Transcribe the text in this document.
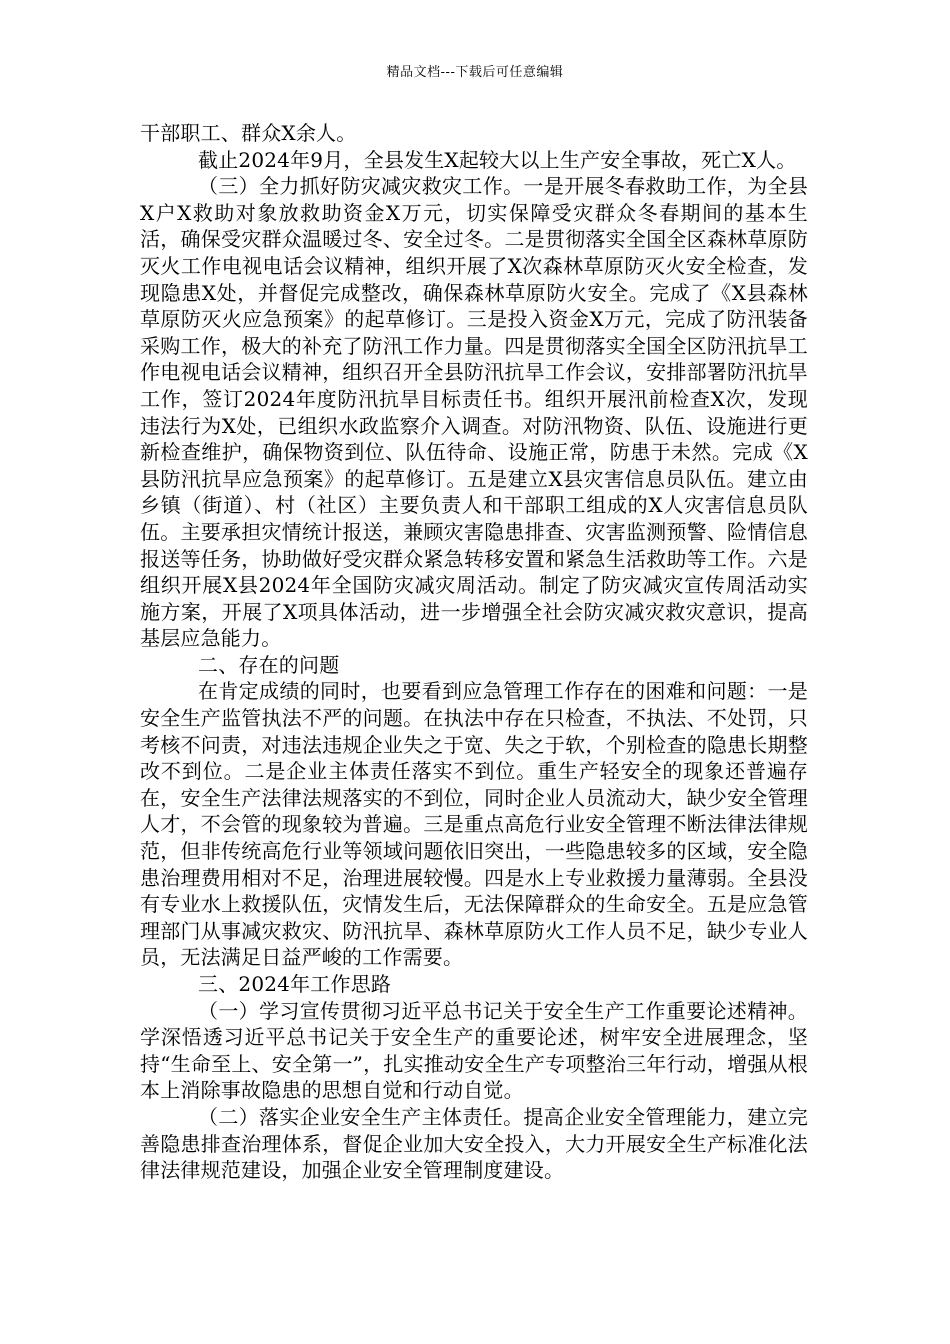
精品文档---下载后可任意编辑

干部职工、群众X余人。

截止2024年9月，全县发生X起较大以上生产安全事故，死亡X人。

（三）全力抓好防灾减灾救灾工作。一是开展冬春救助工作，为全县X户X救助对象放救助资金X万元，切实保障受灾群众冬春期间的基本生活，确保受灾群众温暖过冬、安全过冬。二是贯彻落实全国全区森林草原防灭火工作电视电话会议精神，组织开展了X次森林草原防灭火安全检查，发现隐患X处，并督促完成整改，确保森林草原防火安全。完成了《X县森林草原防灭火应急预案》的起草修订。三是投入资金X万元，完成了防汛装备采购工作，极大的补充了防汛工作力量。四是贯彻落实全国全区防汛抗旱工作电视电话会议精神，组织召开全县防汛抗旱工作会议，安排部署防汛抗旱工作，签订2024年度防汛抗旱目标责任书。组织开展汛前检查X次，发现违法行为X处，已组织水政监察介入调查。对防汛物资、队伍、设施进行更新检查维护，确保物资到位、队伍待命、设施正常，防患于未然。完成《X县防汛抗旱应急预案》的起草修订。五是建立X县灾害信息员队伍。建立由乡镇（街道）、村（社区）主要负责人和干部职工组成的X人灾害信息员队伍。主要承担灾情统计报送，兼顾灾害隐患排查、灾害监测预警、险情信息报送等任务，协助做好受灾群众紧急转移安置和紧急生活救助等工作。六是组织开展X县2024年全国防灾减灾周活动。制定了防灾减灾宣传周活动实施方案，开展了X项具体活动，进一步增强全社会防灾减灾救灾意识，提高基层应急能力。

二、存在的问题

在肯定成绩的同时，也要看到应急管理工作存在的困难和问题：一是安全生产监管执法不严的问题。在执法中存在只检查，不执法、不处罚，只考核不问责，对违法违规企业失之于宽、失之于软，个别检查的隐患长期整改不到位。二是企业主体责任落实不到位。重生产轻安全的现象还普遍存在，安全生产法律法规落实的不到位，同时企业人员流动大，缺少安全管理人才，不会管的现象较为普遍。三是重点高危行业安全管理不断法律法律规范，但非传统高危行业等领域问题依旧突出，一些隐患较多的区域，安全隐患治理费用相对不足，治理进展较慢。四是水上专业救援力量薄弱。全县没有专业水上救援队伍，灾情发生后，无法保障群众的生命安全。五是应急管理部门从事减灾救灾、防汛抗旱、森林草原防火工作人员不足，缺少专业人员，无法满足日益严峻的工作需要。

三、2024年工作思路

（一）学习宣传贯彻习近平总书记关于安全生产工作重要论述精神。学深悟透习近平总书记关于安全生产的重要论述，树牢安全进展理念，坚持“生命至上、安全第一”，扎实推动安全生产专项整治三年行动，增强从根本上消除事故隐患的思想自觉和行动自觉。

（二）落实企业安全生产主体责任。提高企业安全管理能力，建立完善隐患排查治理体系，督促企业加大安全投入，大力开展安全生产标准化法律法律规范建设，加强企业安全管理制度建设。
